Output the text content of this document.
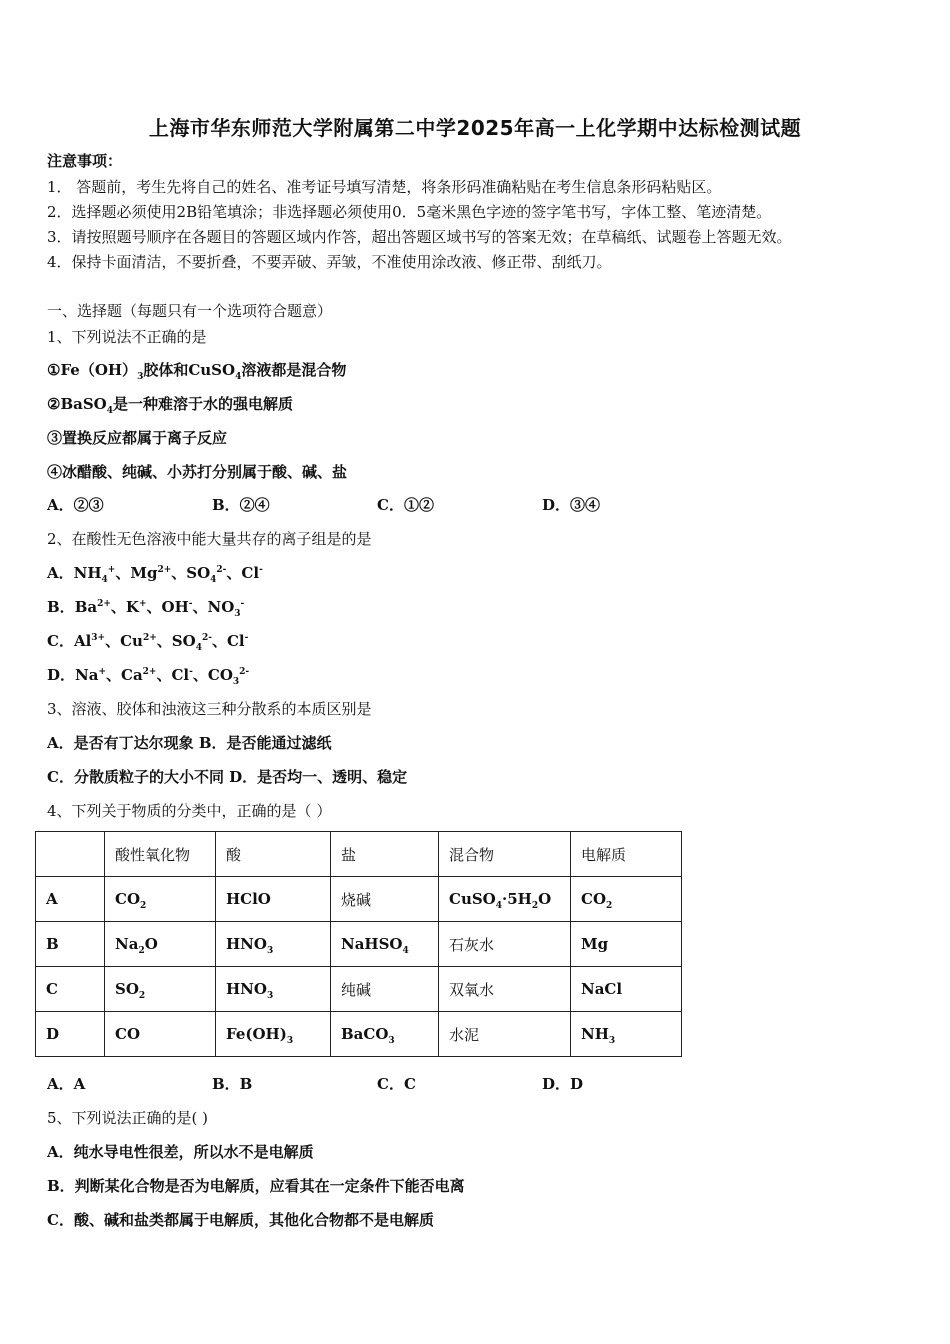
上海市华东师范大学附属第二中学2025年高一上化学期中达标检测试题
注意事项：
1． 答题前，考生先将自己的姓名、准考证号填写清楚，将条形码准确粘贴在考生信息条形码粘贴区。
2．选择题必须使用2B铅笔填涂；非选择题必须使用0．5毫米黑色字迹的签字笔书写，字体工整、笔迹清楚。
3．请按照题号顺序在各题目的答题区域内作答，超出答题区域书写的答案无效；在草稿纸、试题卷上答题无效。
4．保持卡面清洁，不要折叠，不要弄破、弄皱，不准使用涂改液、修正带、刮纸刀。
一、选择题（每题只有一个选项符合题意）
1、下列说法不正确的是
$①Fe(OH)_3$胶体和CuSO$_4$溶液都是混合物
②BaSO$_4$是一种难溶于水的强电解质
③置换反应都属于离子反应
④冰醋酸、纯碱、小苏打分别属于酸、碱、盐
A．②③	B．②④	C．①②	D．③④
2、在酸性无色溶液中能大量共存的离子组是的是
A．$NH_4^+$、$Mg^{2+}$、$SO_4^{2-}$、Cl-
B．$Ba^{2+}$、K+、OH-、$NO_3^-$
C．$Al^{3+}$、$Cu^{2+}$、$SO_4^{2-}$、Cl-
D．Na+、$Ca^{2+}$、Cl-、$CO_3^{2-}$
3、溶液、胶体和浊液这三种分散系的本质区别是
A．是否有丁达尔现象 B．是否能通过滤纸
C．分散质粒子的大小不同 D．是否均一、透明、稳定
4、下列关于物质的分类中，正确的是（ ）
	酸性氧化物	酸	盐	混合物	电解质
A	$CO_2$	HClO	烧碱	$CuSO_4\cdot 5H_2O$	$CO_2$
B	$Na_2O$	$HNO_3$	NaHSO$_4$	石灰水	Mg
C	$SO_2$	$HNO_3$	纯碱	双氧水	NaCl
D	CO	$Fe(OH)_3$	BaCO$_3$	水泥	$NH_3$
A．A	B．B	C．C	D．D
5、下列说法正确的是( )
A．纯水导电性很差，所以水不是电解质
B．判断某化合物是否为电解质，应看其在一定条件下能否电离
C．酸、碱和盐类都属于电解质，其他化合物都不是电解质
